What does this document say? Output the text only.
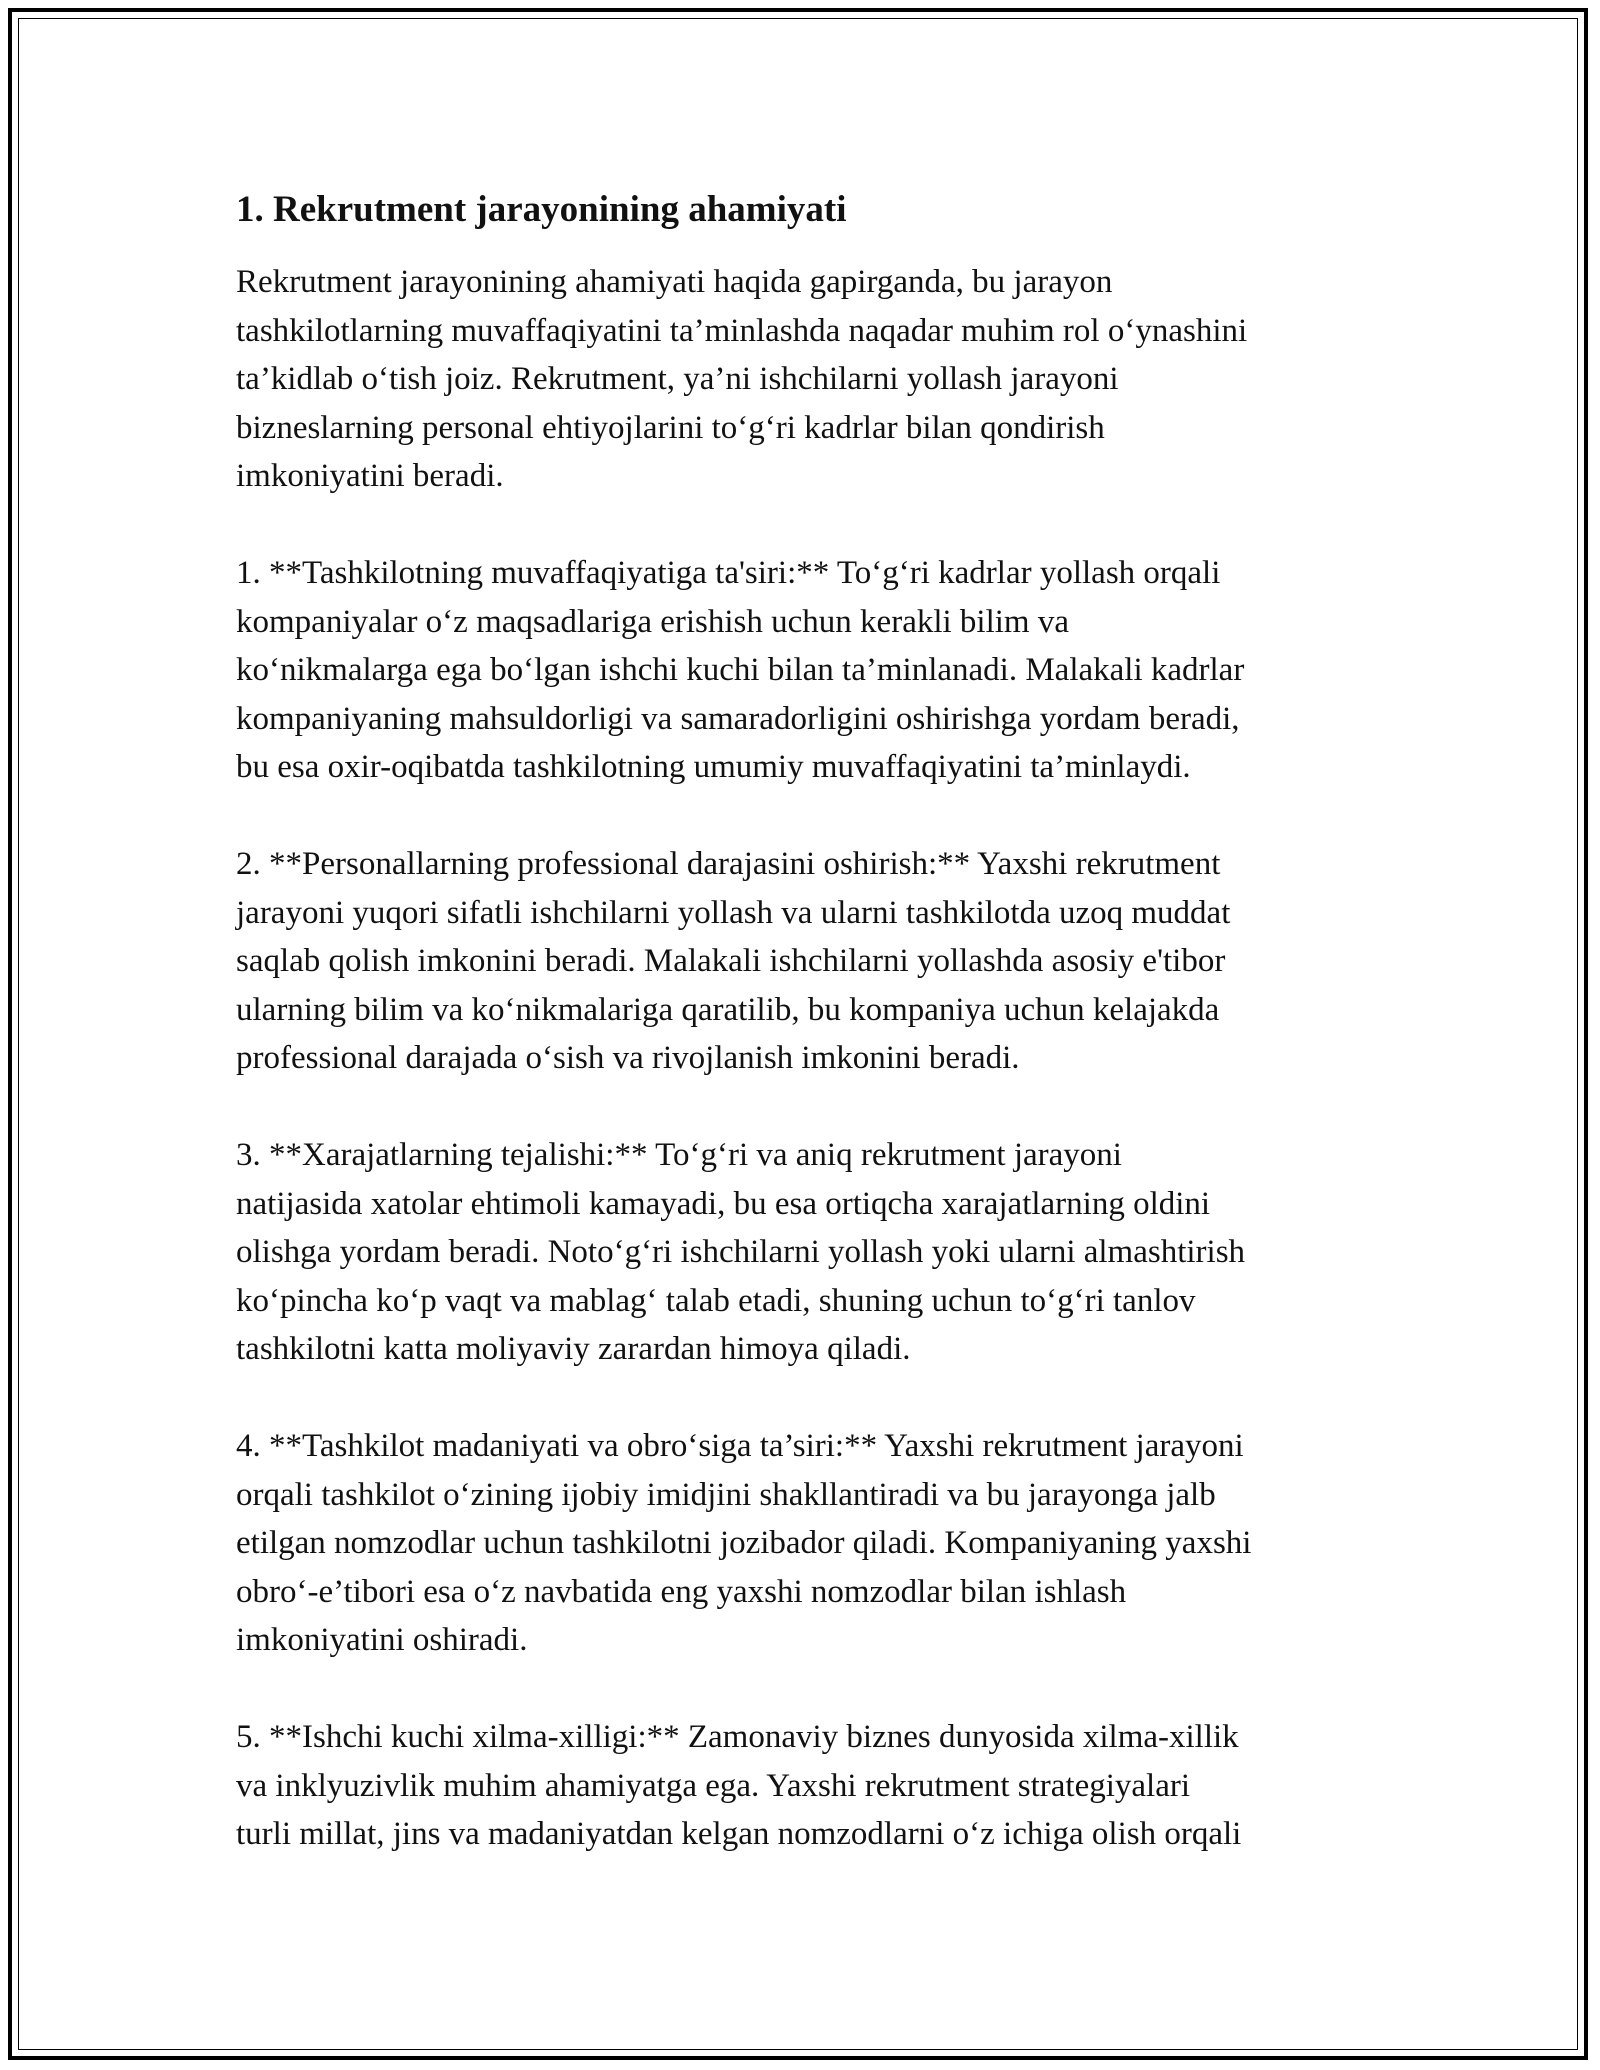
1. Rekrutment jarayonining ahamiyati

Rekrutment jarayonining ahamiyati haqida gapirganda, bu jarayon
tashkilotlarning muvaffaqiyatini ta’minlashda naqadar muhim rol o‘ynashini
ta’kidlab o‘tish joiz. Rekrutment, ya’ni ishchilarni yollash jarayoni
bizneslarning personal ehtiyojlarini to‘g‘ri kadrlar bilan qondirish
imkoniyatini beradi.

1. **Tashkilotning muvaffaqiyatiga ta'siri:** To‘g‘ri kadrlar yollash orqali
kompaniyalar o‘z maqsadlariga erishish uchun kerakli bilim va
ko‘nikmalarga ega bo‘lgan ishchi kuchi bilan ta’minlanadi. Malakali kadrlar
kompaniyaning mahsuldorligi va samaradorligini oshirishga yordam beradi,
bu esa oxir-oqibatda tashkilotning umumiy muvaffaqiyatini ta’minlaydi.

2. **Personallarning professional darajasini oshirish:** Yaxshi rekrutment
jarayoni yuqori sifatli ishchilarni yollash va ularni tashkilotda uzoq muddat
saqlab qolish imkonini beradi. Malakali ishchilarni yollashda asosiy e'tibor
ularning bilim va ko‘nikmalariga qaratilib, bu kompaniya uchun kelajakda
professional darajada o‘sish va rivojlanish imkonini beradi.

3. **Xarajatlarning tejalishi:** To‘g‘ri va aniq rekrutment jarayoni
natijasida xatolar ehtimoli kamayadi, bu esa ortiqcha xarajatlarning oldini
olishga yordam beradi. Noto‘g‘ri ishchilarni yollash yoki ularni almashtirish
ko‘pincha ko‘p vaqt va mablag‘ talab etadi, shuning uchun to‘g‘ri tanlov
tashkilotni katta moliyaviy zarardan himoya qiladi.

4. **Tashkilot madaniyati va obro‘siga ta’siri:** Yaxshi rekrutment jarayoni
orqali tashkilot o‘zining ijobiy imidjini shakllantiradi va bu jarayonga jalb
etilgan nomzodlar uchun tashkilotni jozibador qiladi. Kompaniyaning yaxshi
obro‘-e’tibori esa o‘z navbatida eng yaxshi nomzodlar bilan ishlash
imkoniyatini oshiradi.

5. **Ishchi kuchi xilma-xilligi:** Zamonaviy biznes dunyosida xilma-xillik
va inklyuzivlik muhim ahamiyatga ega. Yaxshi rekrutment strategiyalari
turli millat, jins va madaniyatdan kelgan nomzodlarni o‘z ichiga olish orqali
